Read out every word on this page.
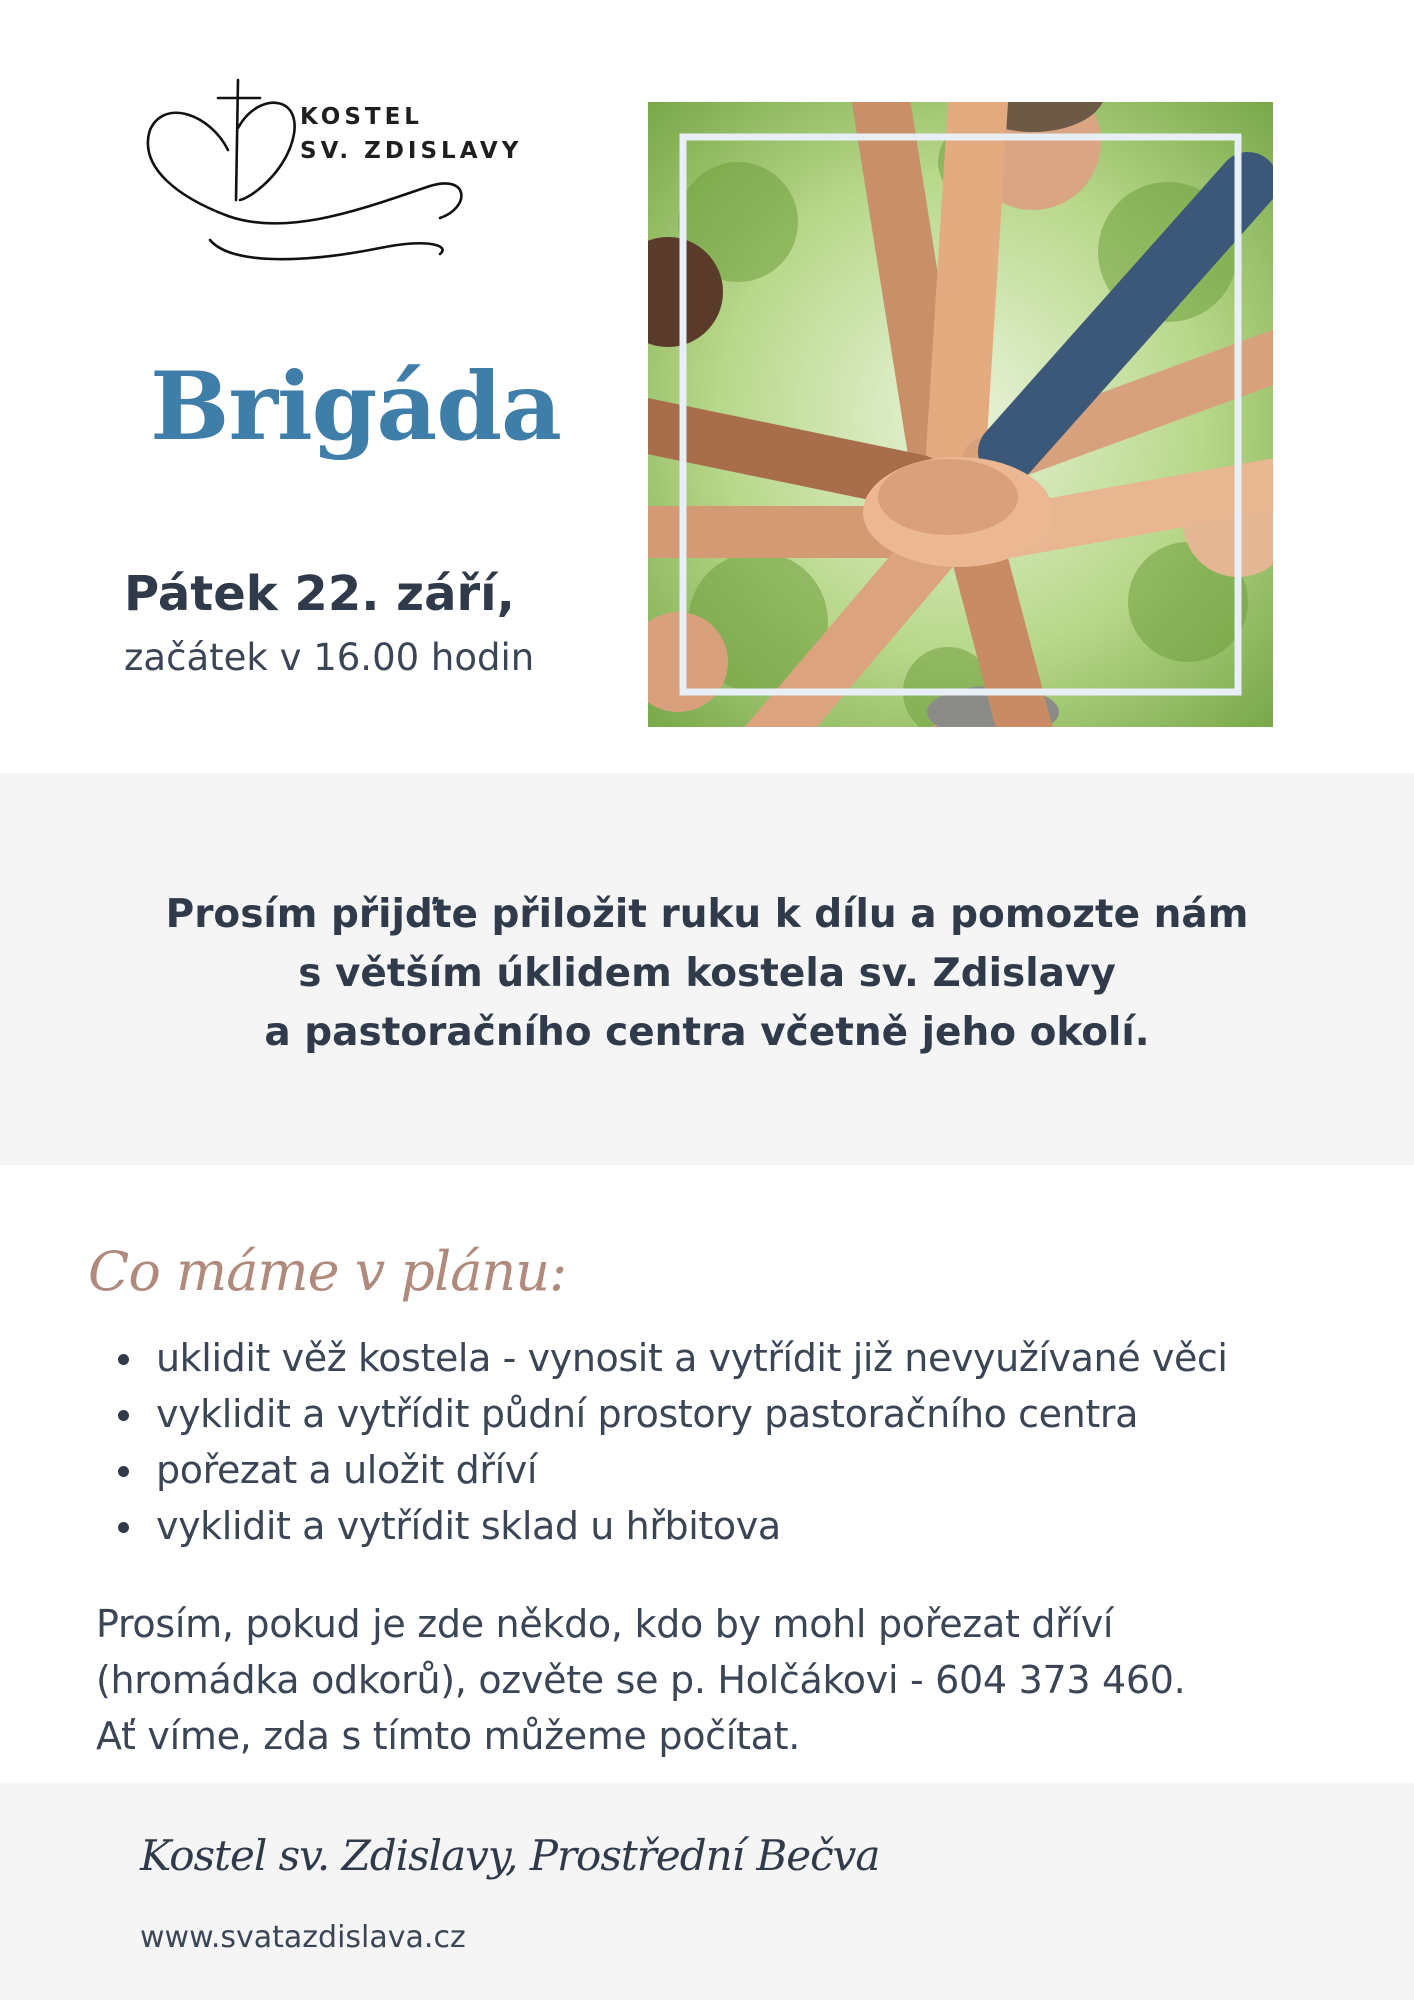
KOSTEL
SV. ZDISLAVY
Brigáda
Pátek 22. září,
začátek v 16.00 hodin
Prosím přijďte přiložit ruku k dílu a pomozte nám
s větším úklidem kostela sv. Zdislavy
a pastoračního centra včetně jeho okolí.
Co máme v plánu:
uklidit věž kostela - vynosit a vytřídit již nevyužívané věci
vyklidit a vytřídit půdní prostory pastoračního centra
pořezat a uložit dříví
vyklidit a vytřídit sklad u hřbitova
Prosím, pokud je zde někdo, kdo by mohl pořezat dříví
(hromádka odkorů), ozvěte se p. Holčákovi - 604 373 460.
Ať víme, zda s tímto můžeme počítat.
Kostel sv. Zdislavy, Prostřední Bečva
www.svatazdislava.cz
